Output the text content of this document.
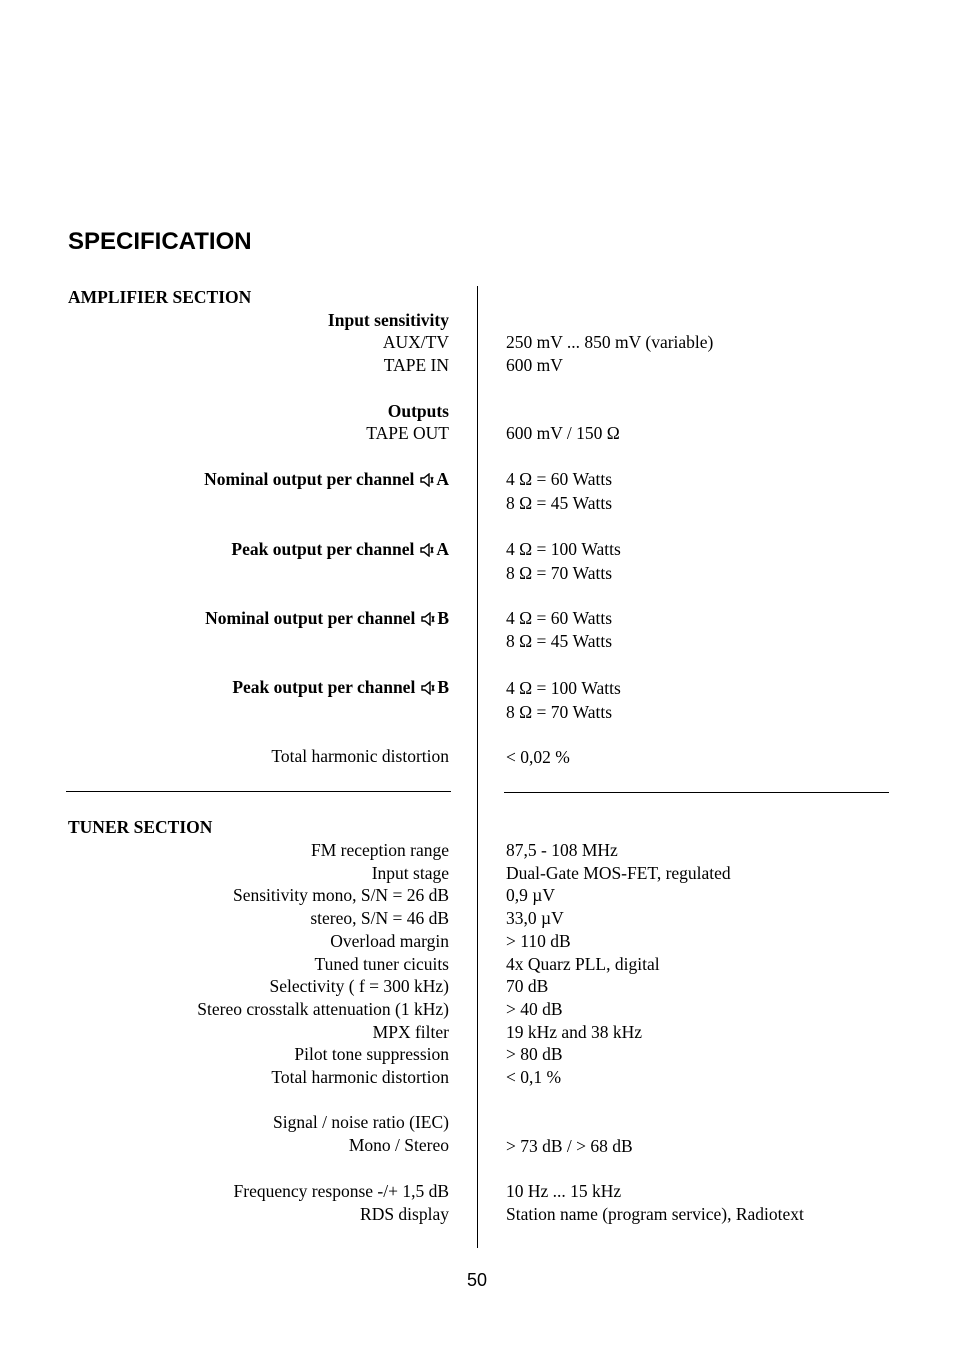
SPECIFICATION
AMPLIFIER SECTION
Input sensitivity
AUX/TV	250 mV ... 850 mV (variable)
TAPE IN	600 mV
Outputs
TAPE OUT	600 mV / 150 Ω
Nominal output per channel A	4 Ω = 60 Watts
8 Ω = 45 Watts
Peak output per channel A	4 Ω = 100 Watts
8 Ω = 70 Watts
Nominal output per channel B	4 Ω = 60 Watts
8 Ω = 45 Watts
Peak output per channel B	4 Ω = 100 Watts
8 Ω = 70 Watts
Total harmonic distortion	< 0,02 %
TUNER SECTION
FM reception range	87,5 - 108 MHz
Input stage	Dual-Gate MOS-FET, regulated
Sensitivity mono, S/N = 26 dB	0,9 µV
stereo, S/N = 46 dB	33,0 µV
Overload margin	> 110 dB
Tuned tuner cicuits	4x Quarz PLL, digital
Selectivity ( f = 300 kHz)	70 dB
Stereo crosstalk attenuation (1 kHz)	> 40 dB
MPX filter	19 kHz and 38 kHz
Pilot tone suppression	> 80 dB
Total harmonic distortion	< 0,1 %
Signal / noise ratio (IEC)
Mono / Stereo	> 73 dB / > 68 dB
Frequency response -/+ 1,5 dB	10 Hz ... 15 kHz
RDS display	Station name (program service), Radiotext
50
